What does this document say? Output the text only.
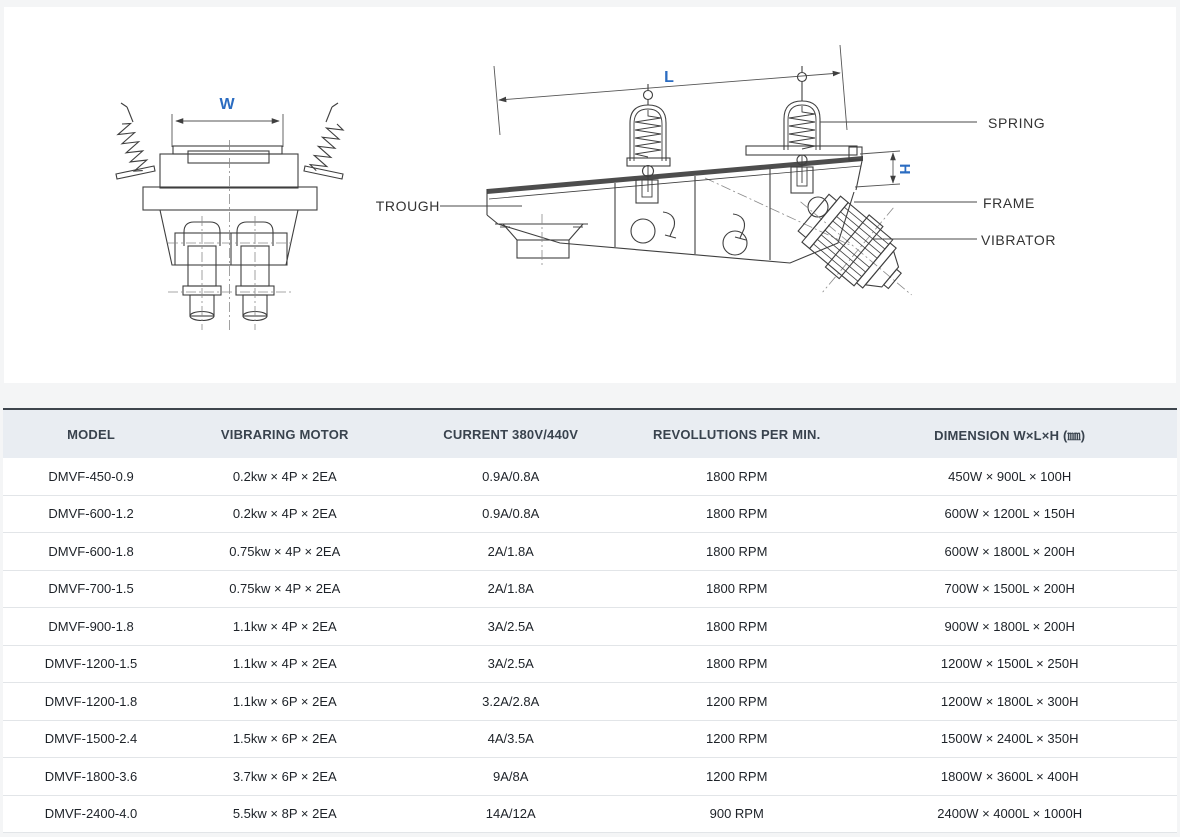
W
L
H
TROUGH
SPRING
FRAME
VIBRATOR
MODEL	VIBRARING MOTOR	CURRENT 380V/440V	REVOLLUTIONS PER MIN.	DIMENSION W×L×H (㎜)
DMVF-450-0.9	0.2kw × 4P × 2EA	0.9A/0.8A	1800 RPM	450W × 900L × 100H
DMVF-600-1.2	0.2kw × 4P × 2EA	0.9A/0.8A	1800 RPM	600W × 1200L × 150H
DMVF-600-1.8	0.75kw × 4P × 2EA	2A/1.8A	1800 RPM	600W × 1800L × 200H
DMVF-700-1.5	0.75kw × 4P × 2EA	2A/1.8A	1800 RPM	700W × 1500L × 200H
DMVF-900-1.8	1.1kw × 4P × 2EA	3A/2.5A	1800 RPM	900W × 1800L × 200H
DMVF-1200-1.5	1.1kw × 4P × 2EA	3A/2.5A	1800 RPM	1200W × 1500L × 250H
DMVF-1200-1.8	1.1kw × 6P × 2EA	3.2A/2.8A	1200 RPM	1200W × 1800L × 300H
DMVF-1500-2.4	1.5kw × 6P × 2EA	4A/3.5A	1200 RPM	1500W × 2400L × 350H
DMVF-1800-3.6	3.7kw × 6P × 2EA	9A/8A	1200 RPM	1800W × 3600L × 400H
DMVF-2400-4.0	5.5kw × 8P × 2EA	14A/12A	900 RPM	2400W × 4000L × 1000H
